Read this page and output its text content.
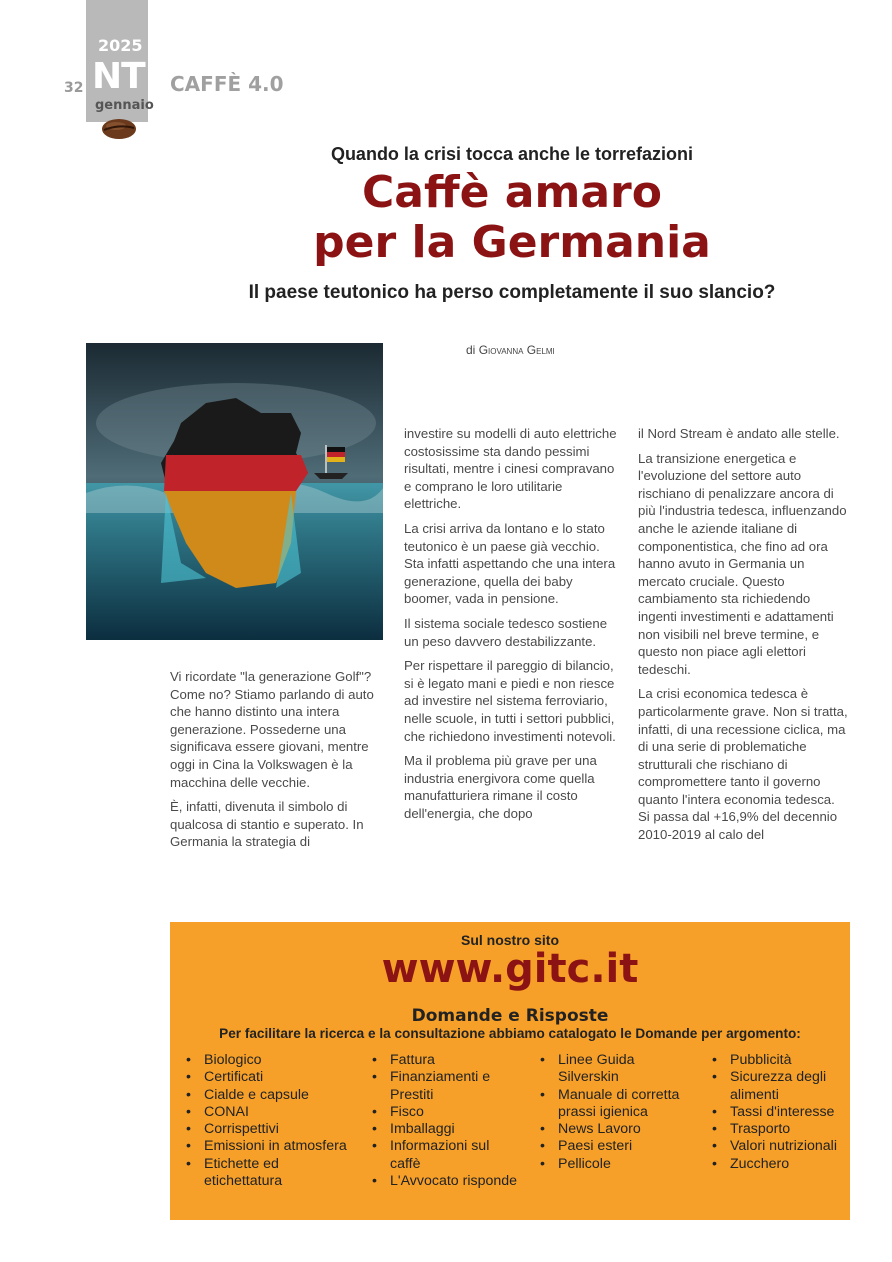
2025
NT
gennaio
32	CAFFÈ 4.0
Quando la crisi tocca anche le torrefazioni
Caffè amaro
per la Germania
Il paese teutonico ha perso completamente il suo slancio?
di Giovanna Gelmi

Vi ricordate "la generazione Golf"? Come no? Stiamo parlando di auto che hanno distinto una intera generazione. Possederne una significava essere giovani, mentre oggi in Cina la Volkswagen è la macchina delle vecchie.

È, infatti, divenuta il simbolo di qualcosa di stantio e superato. In Germania la strategia di

investire su modelli di auto elettriche costosissime sta dando pessimi risultati, mentre i cinesi compravano e comprano le loro utilitarie elettriche.

La crisi arriva da lontano e lo stato teutonico è un paese già vecchio. Sta infatti aspettando che una intera generazione, quella dei baby boomer, vada in pensione.

Il sistema sociale tedesco sostiene un peso davvero destabilizzante.

Per rispettare il pareggio di bilancio, si è legato mani e piedi e non riesce ad investire nel sistema ferroviario, nelle scuole, in tutti i settori pubblici, che richiedono investimenti notevoli.

Ma il problema più grave per una industria energivora come quella manufatturiera rimane il costo dell'energia, che dopo

il Nord Stream è andato alle stelle.

La transizione energetica e l'evoluzione del settore auto rischiano di penalizzare ancora di più l'industria tedesca, influenzando anche le aziende italiane di componentistica, che fino ad ora hanno avuto in Germania un mercato cruciale. Questo cambiamento sta richiedendo ingenti investimenti e adattamenti non visibili nel breve termine, e questo non piace agli elettori tedeschi.

La crisi economica tedesca è particolarmente grave. Non si tratta, infatti, di una recessione ciclica, ma di una serie di problematiche strutturali che rischiano di compromettere tanto il governo quanto l'intera economia tedesca.

Si passa dal +16,9% del decennio 2010-2019 al calo del

Sul nostro sito
www.gitc.it
Domande e Risposte
Per facilitare la ricerca e la consultazione abbiamo catalogato le Domande per argomento:
• Biologico
• Certificati
• Cialde e capsule
• CONAI
• Corrispettivi
• Emissioni in atmosfera
• Etichette ed etichettatura
• Fattura
• Finanziamenti e Prestiti
• Fisco
• Imballaggi
• Informazioni sul caffè
• L'Avvocato risponde
• Linee Guida Silverskin
• Manuale di corretta prassi igienica
• News Lavoro
• Paesi esteri
• Pellicole
• Pubblicità
• Sicurezza degli alimenti
• Tassi d'interesse
• Trasporto
• Valori nutrizionali
• Zucchero
